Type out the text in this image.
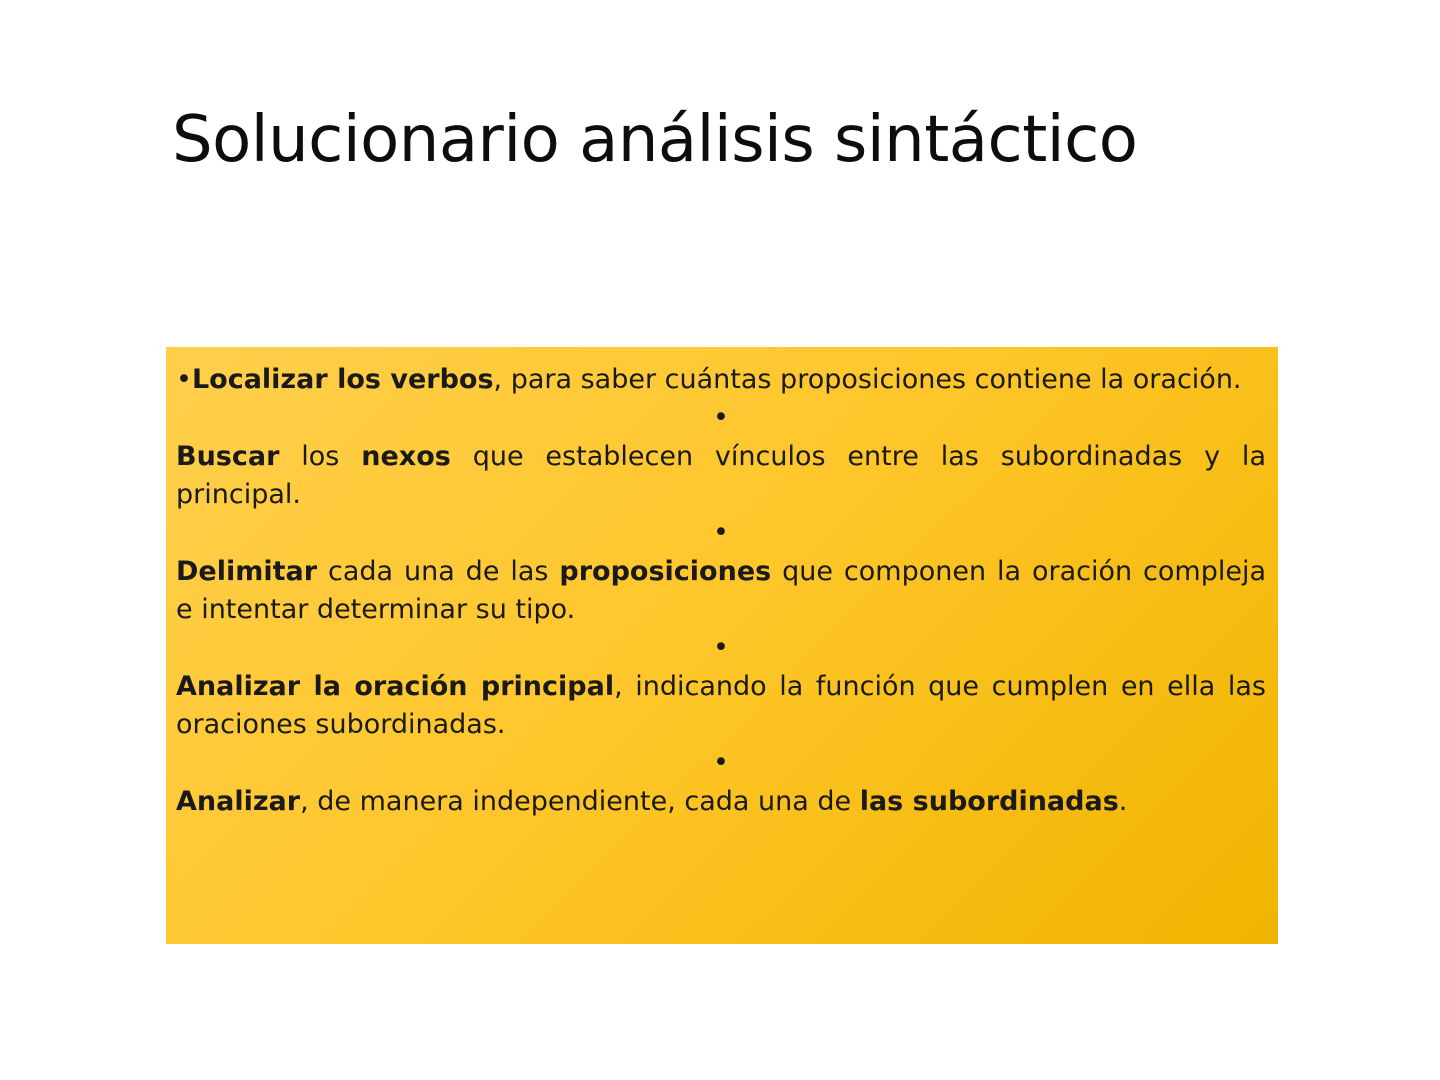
Solucionario análisis sintáctico

•Localizar los verbos, para saber cuántas proposiciones contiene la oración.

•

Buscar los nexos que establecen vínculos entre las subordinadas y la principal.

•

Delimitar cada una de las proposiciones que componen la oración compleja e intentar determinar su tipo.

•

Analizar la oración principal, indicando la función que cumplen en ella las oraciones subordinadas.

•

Analizar, de manera independiente, cada una de las subordinadas.
